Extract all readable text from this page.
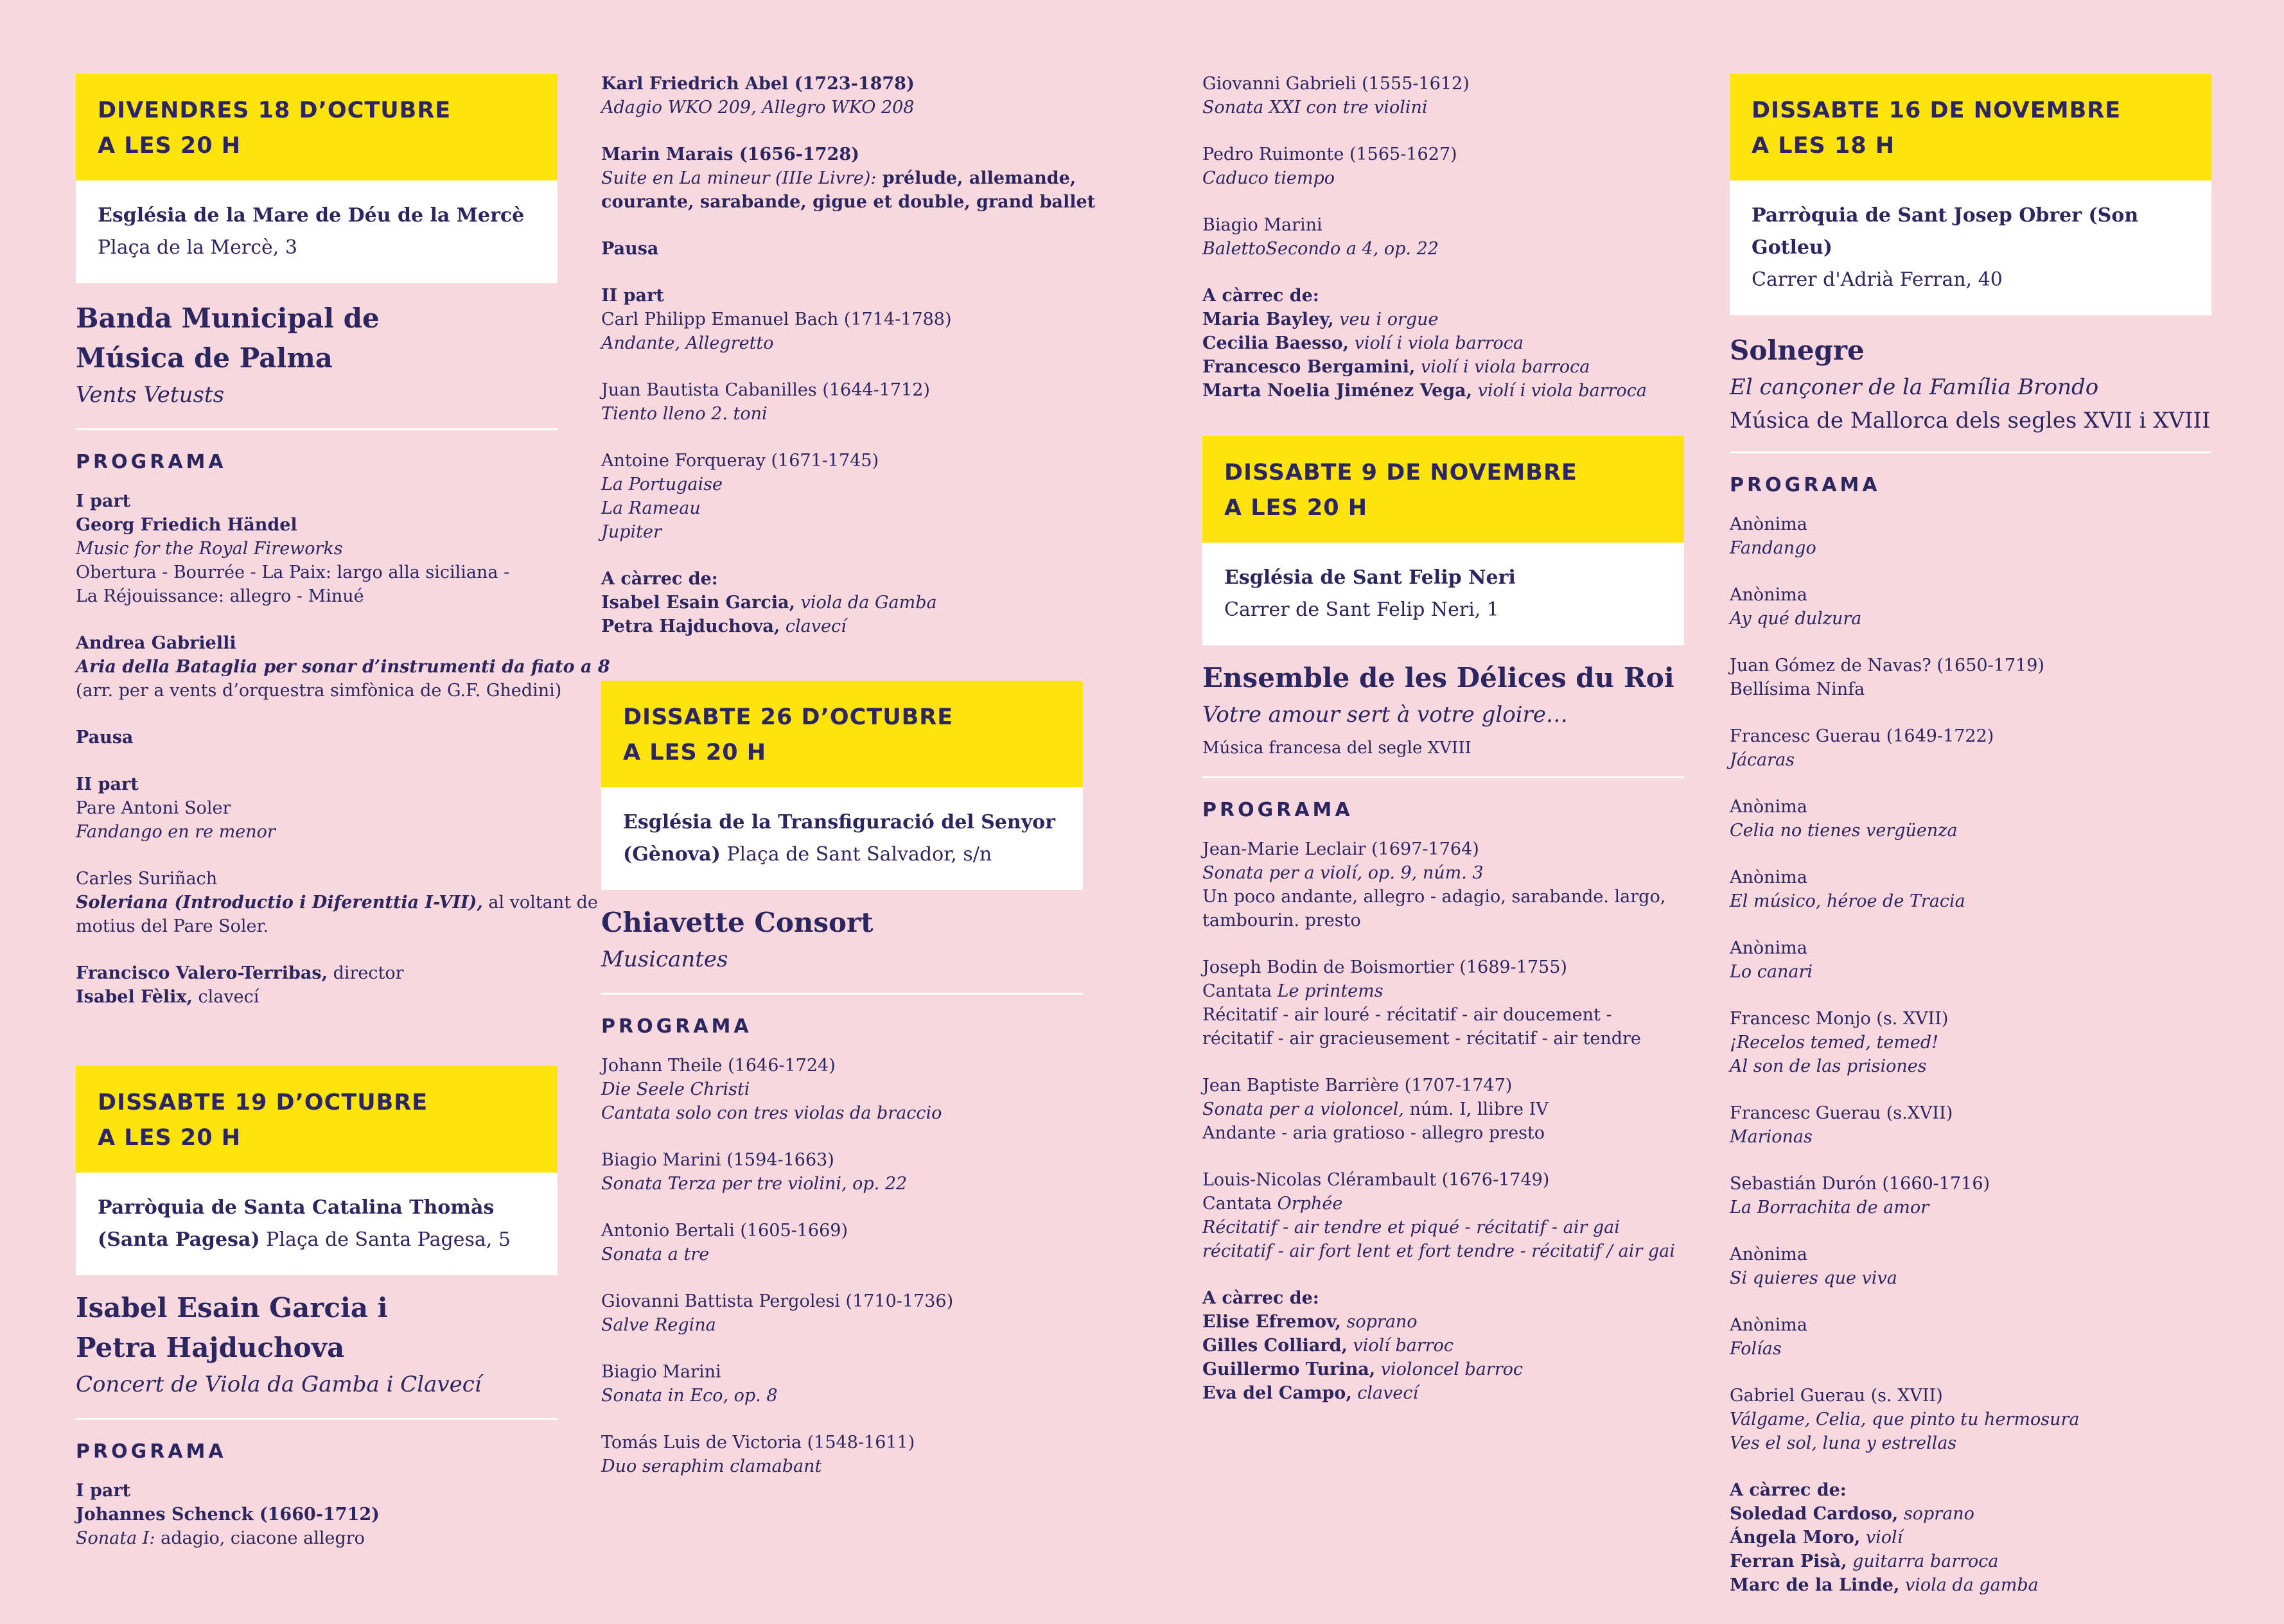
DIVENDRES 18 D’OCTUBRE
A LES 20 H
Església de la Mare de Déu de la Mercè
Plaça de la Mercè, 3
Banda Municipal de
Música de Palma
Vents Vetusts
PROGRAMA
I part
Georg Friedich Händel
Music for the Royal Fireworks
Obertura - Bourrée - La Paix: largo alla siciliana -
La Réjouissance: allegro - Minué
Andrea Gabrielli
Aria della Bataglia per sonar d’instrumenti da fiato a 8
(arr. per a vents d’orquestra simfònica de G.F. Ghedini)
Pausa
II part
Pare Antoni Soler
Fandango en re menor
Carles Suriñach
Soleriana (Introductio i Diferenttia I-VII), al voltant de
motius del Pare Soler.
Francisco Valero-Terribas, director
Isabel Fèlix, clavecí
DISSABTE 19 D’OCTUBRE
A LES 20 H
Parròquia de Santa Catalina Thomàs
(Santa Pagesa) Plaça de Santa Pagesa, 5
Isabel Esain Garcia i
Petra Hajduchova
Concert de Viola da Gamba i Clavecí
PROGRAMA
I part
Johannes Schenck (1660-1712)
Sonata I: adagio, ciacone allegro
Karl Friedrich Abel (1723-1878)
Adagio WKO 209, Allegro WKO 208
Marin Marais (1656-1728)
Suite en La mineur (IIIe Livre): prélude, allemande,
courante, sarabande, gigue et double, grand ballet
Pausa
II part
Carl Philipp Emanuel Bach (1714-1788)
Andante, Allegretto
Juan Bautista Cabanilles (1644-1712)
Tiento lleno 2. toni
Antoine Forqueray (1671-1745)
La Portugaise
La Rameau
Jupiter
A càrrec de:
Isabel Esain Garcia, viola da Gamba
Petra Hajduchova, clavecí
DISSABTE 26 D’OCTUBRE
A LES 20 H
Església de la Transfiguració del Senyor
(Gènova) Plaça de Sant Salvador, s/n
Chiavette Consort
Musicantes
PROGRAMA
Johann Theile (1646-1724)
Die Seele Christi
Cantata solo con tres violas da braccio
Biagio Marini (1594-1663)
Sonata Terza per tre violini, op. 22
Antonio Bertali (1605-1669)
Sonata a tre
Giovanni Battista Pergolesi (1710-1736)
Salve Regina
Biagio Marini
Sonata in Eco, op. 8
Tomás Luis de Victoria (1548-1611)
Duo seraphim clamabant
Giovanni Gabrieli (1555-1612)
Sonata XXI con tre violini
Pedro Ruimonte (1565-1627)
Caduco tiempo
Biagio Marini
BalettoSecondo a 4, op. 22
A càrrec de:
Maria Bayley, veu i orgue
Cecilia Baesso, violí i viola barroca
Francesco Bergamini, violí i viola barroca
Marta Noelia Jiménez Vega, violí i viola barroca
DISSABTE 9 DE NOVEMBRE
A LES 20 H
Església de Sant Felip Neri
Carrer de Sant Felip Neri, 1
Ensemble de les Délices du Roi
Votre amour sert à votre gloire…
Música francesa del segle XVIII
PROGRAMA
Jean-Marie Leclair (1697-1764)
Sonata per a violí, op. 9, núm. 3
Un poco andante, allegro - adagio, sarabande. largo,
tambourin. presto
Joseph Bodin de Boismortier (1689-1755)
Cantata Le printems
Récitatif - air louré - récitatif - air doucement -
récitatif - air gracieusement - récitatif - air tendre
Jean Baptiste Barrière (1707-1747)
Sonata per a violoncel, núm. I, llibre IV
Andante - aria gratioso - allegro presto
Louis-Nicolas Clérambault (1676-1749)
Cantata Orphée
Récitatif - air tendre et piqué - récitatif - air gai
récitatif - air fort lent et fort tendre - récitatif / air gai
A càrrec de:
Elise Efremov, soprano
Gilles Colliard, violí barroc
Guillermo Turina, violoncel barroc
Eva del Campo, clavecí
DISSABTE 16 DE NOVEMBRE
A LES 18 H
Parròquia de Sant Josep Obrer (Son Gotleu)
Carrer d'Adrià Ferran, 40
Solnegre
El cançoner de la Família Brondo
Música de Mallorca dels segles XVII i XVIII
PROGRAMA
Anònima
Fandango
Anònima
Ay qué dulzura
Juan Gómez de Navas? (1650-1719)
Bellísima Ninfa
Francesc Guerau (1649-1722)
Jácaras
Anònima
Celia no tienes vergüenza
Anònima
El músico, héroe de Tracia
Anònima
Lo canari
Francesc Monjo (s. XVII)
¡Recelos temed, temed!
Al son de las prisiones
Francesc Guerau (s.XVII)
Marionas
Sebastián Durón (1660-1716)
La Borrachita de amor
Anònima
Si quieres que viva
Anònima
Folías
Gabriel Guerau (s. XVII)
Válgame, Celia, que pinto tu hermosura
Ves el sol, luna y estrellas
A càrrec de:
Soledad Cardoso, soprano
Ángela Moro, violí
Ferran Pisà, guitarra barroca
Marc de la Linde, viola da gamba
